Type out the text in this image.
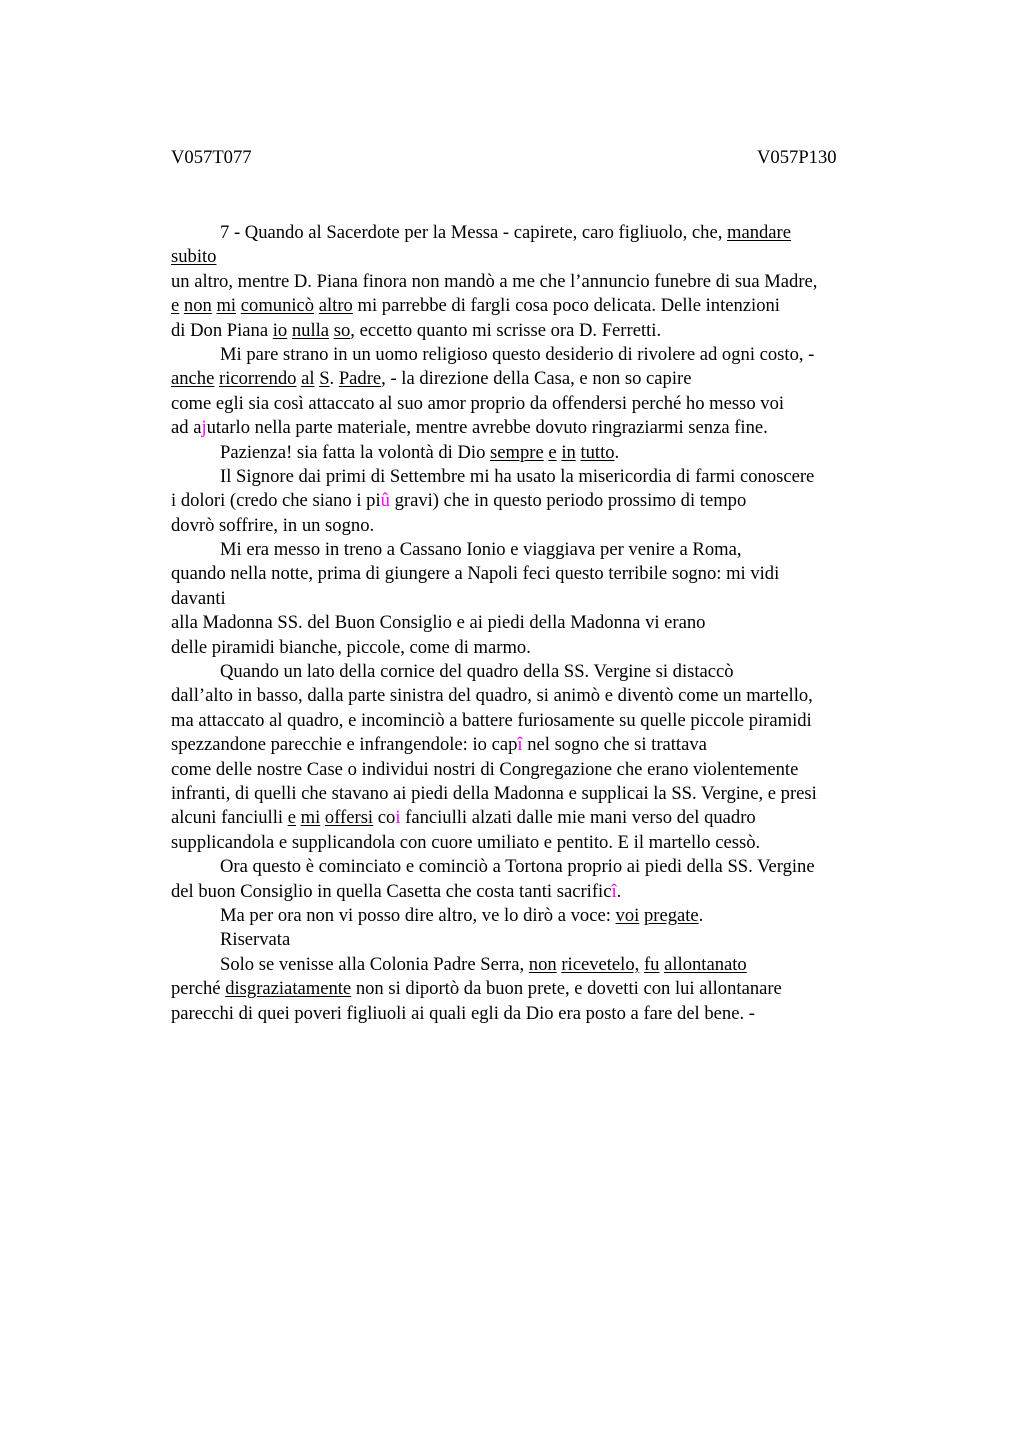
V057T077	V057P130
7 - Quando al Sacerdote per la Messa - capirete, caro figliuolo, che, mandare
subito
un altro, mentre D. Piana finora non mandò a me che l’annuncio funebre di sua Madre,
e non mi comunicò altro mi parrebbe di fargli cosa poco delicata. Delle intenzioni
di Don Piana io nulla so, eccetto quanto mi scrisse ora D. Ferretti.
Mi pare strano in un uomo religioso questo desiderio di rivolere ad ogni costo, -
anche ricorrendo al S. Padre, - la direzione della Casa, e non so capire
come egli sia così attaccato al suo amor proprio da offendersi perché ho messo voi
ad ajutarlo nella parte materiale, mentre avrebbe dovuto ringraziarmi senza fine.
Pazienza! sia fatta la volontà di Dio sempre e in tutto.
Il Signore dai primi di Settembre mi ha usato la misericordia di farmi conoscere
i dolori (credo che siano i piû gravi) che in questo periodo prossimo di tempo
dovrò soffrire, in un sogno.
Mi era messo in treno a Cassano Ionio e viaggiava per venire a Roma,
quando nella notte, prima di giungere a Napoli feci questo terribile sogno: mi vidi
davanti
alla Madonna SS. del Buon Consiglio e ai piedi della Madonna vi erano
delle piramidi bianche, piccole, come di marmo.
Quando un lato della cornice del quadro della SS. Vergine si distaccò
dall’alto in basso, dalla parte sinistra del quadro, si animò e diventò come un martello,
ma attaccato al quadro, e incominciò a battere furiosamente su quelle piccole piramidi
spezzandone parecchie e infrangendole: io capî nel sogno che si trattava
come delle nostre Case o individui nostri di Congregazione che erano violentemente
infranti, di quelli che stavano ai piedi della Madonna e supplicai la SS. Vergine, e presi
alcuni fanciulli e mi offersi coi fanciulli alzati dalle mie mani verso del quadro
supplicandola e supplicandola con cuore umiliato e pentito. E il martello cessò.
Ora questo è cominciato e cominciò a Tortona proprio ai piedi della SS. Vergine
del buon Consiglio in quella Casetta che costa tanti sacrificî.
Ma per ora non vi posso dire altro, ve lo dirò a voce: voi pregate.
Riservata
Solo se venisse alla Colonia Padre Serra, non ricevetelo, fu allontanato
perché disgraziatamente non si diportò da buon prete, e dovetti con lui allontanare
parecchi di quei poveri figliuoli ai quali egli da Dio era posto a fare del bene. -
